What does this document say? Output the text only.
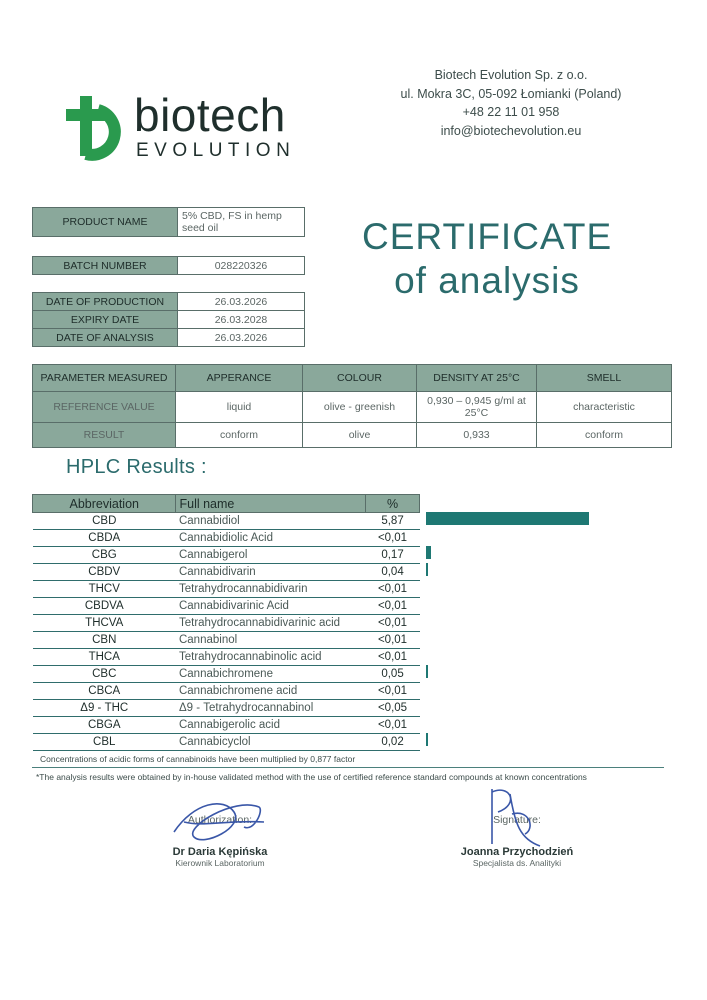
biotech
EVOLUTION
Biotech Evolution Sp. z o.o.
ul. Mokra 3C, 05-092 Łomianki (Poland)
+48 22 11 01 958
info@biotechevolution.eu
CERTIFICATE
of analysis
PRODUCT NAME	5% CBD, FS in hemp seed oil
BATCH NUMBER	028220326
DATE OF PRODUCTION	26.03.2026
EXPIRY DATE	26.03.2028
DATE OF ANALYSIS	26.03.2026
PARAMETER MEASURED	APPERANCE	COLOUR	DENSITY AT 25°C	SMELL
REFERENCE VALUE	liquid	olive - greenish	0,930 – 0,945 g/ml at 25°C	characteristic
RESULT	conform	olive	0,933	conform
HPLC Results :
Abbreviation	Full name	%
CBD	Cannabidiol	5,87
CBDA	Cannabidiolic Acid	<0,01
CBG	Cannabigerol	0,17
CBDV	Cannabidivarin	0,04
THCV	Tetrahydrocannabidivarin	<0,01
CBDVA	Cannabidivarinic Acid	<0,01
THCVA	Tetrahydrocannabidivarinic acid	<0,01
CBN	Cannabinol	<0,01
THCA	Tetrahydrocannabinolic acid	<0,01
CBC	Cannabichromene	0,05
CBCA	Cannabichromene acid	<0,01
Δ9 - THC	Δ9 - Tetrahydrocannabinol	<0,05
CBGA	Cannabigerolic acid	<0,01
CBL	Cannabicyclol	0,02
Concentrations of acidic forms of cannabinoids have been multiplied by 0,877 factor
*The analysis results were obtained by in-house validated method with the use of certified reference standard compounds at known concentrations
Authorization:
Dr Daria Kępińska
Kierownik Laboratorium
Signature:
Joanna Przychodzień
Specjalista ds. Analityki
